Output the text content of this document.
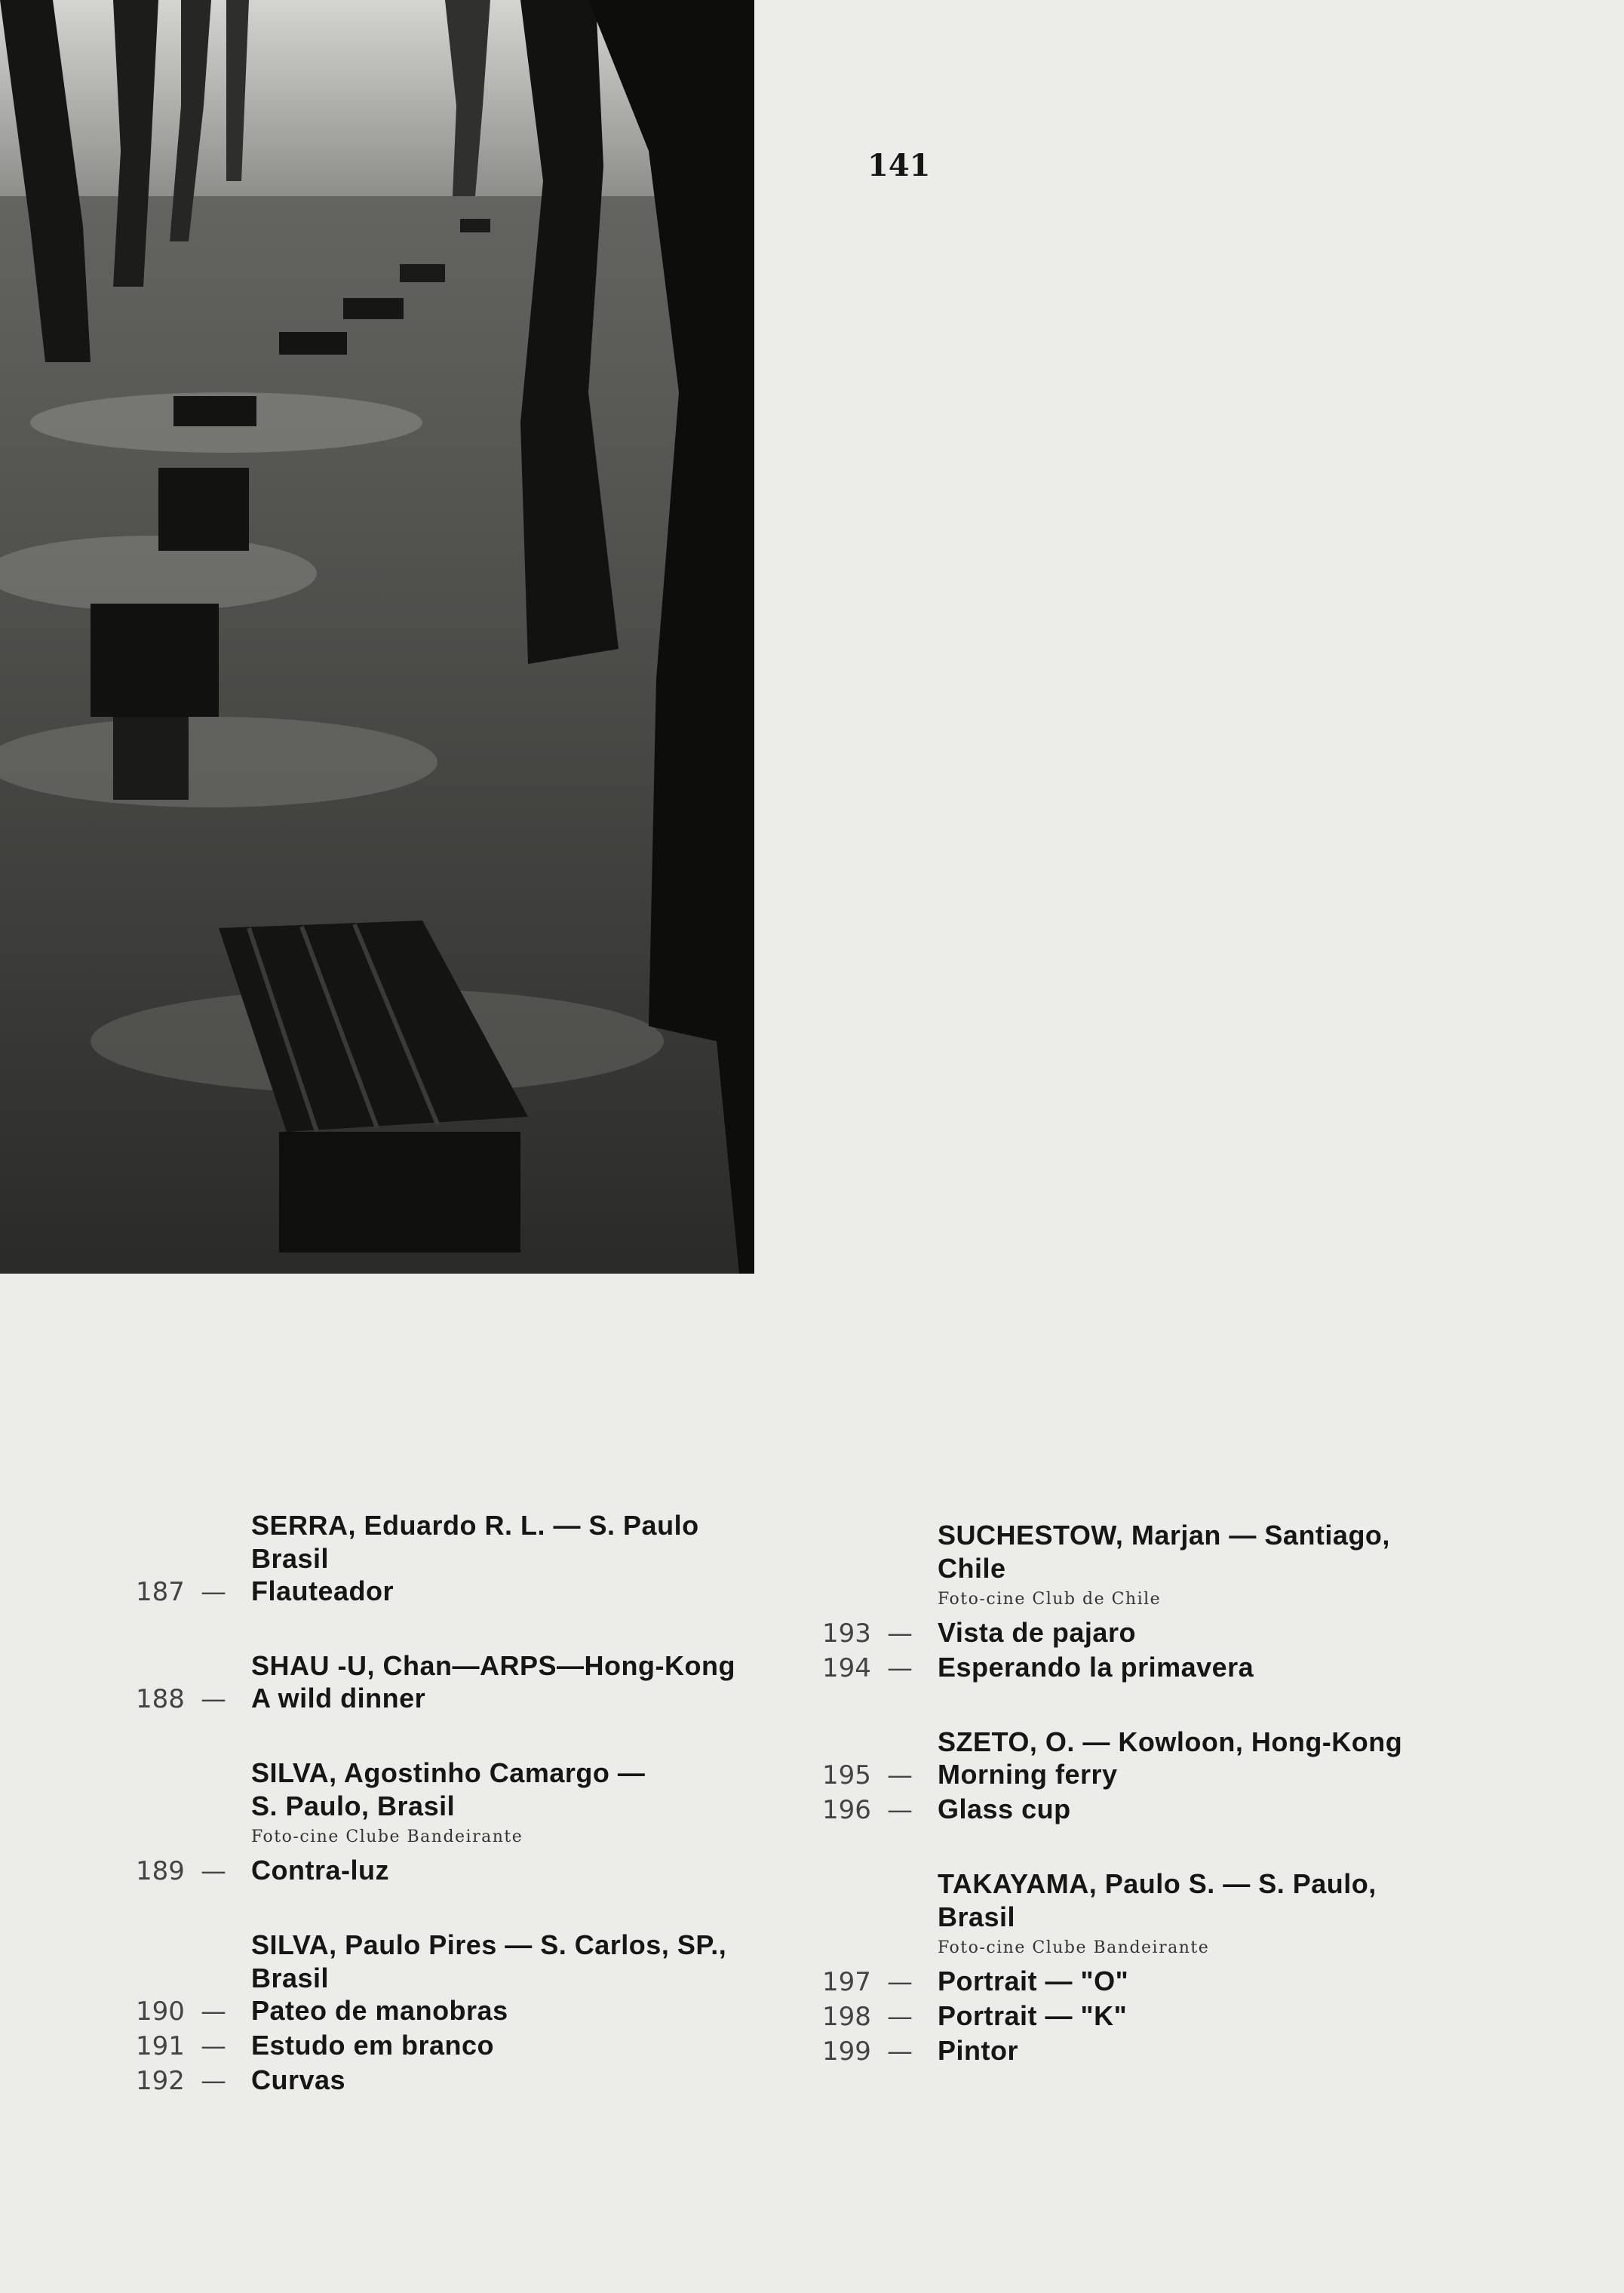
141
SERRA, Eduardo R. L. — S. Paulo
Brasil
187 — Flauteador
SHAU -U, Chan—ARPS—Hong-Kong
188 — A wild dinner
SILVA, Agostinho Camargo —
S. Paulo, Brasil
Foto-cine Clube Bandeirante
189 — Contra-luz
SILVA, Paulo Pires — S. Carlos, SP.,
Brasil
190 — Pateo de manobras
191 — Estudo em branco
192 — Curvas
SUCHESTOW, Marjan — Santiago,
Chile
Foto-cine Club de Chile
193 — Vista de pajaro
194 — Esperando la primavera
SZETO, O. — Kowloon, Hong-Kong
195 — Morning ferry
196 — Glass cup
TAKAYAMA, Paulo S. — S. Paulo,
Brasil
Foto-cine Clube Bandeirante
197 — Portrait — "O"
198 — Portrait — "K"
199 — Pintor
